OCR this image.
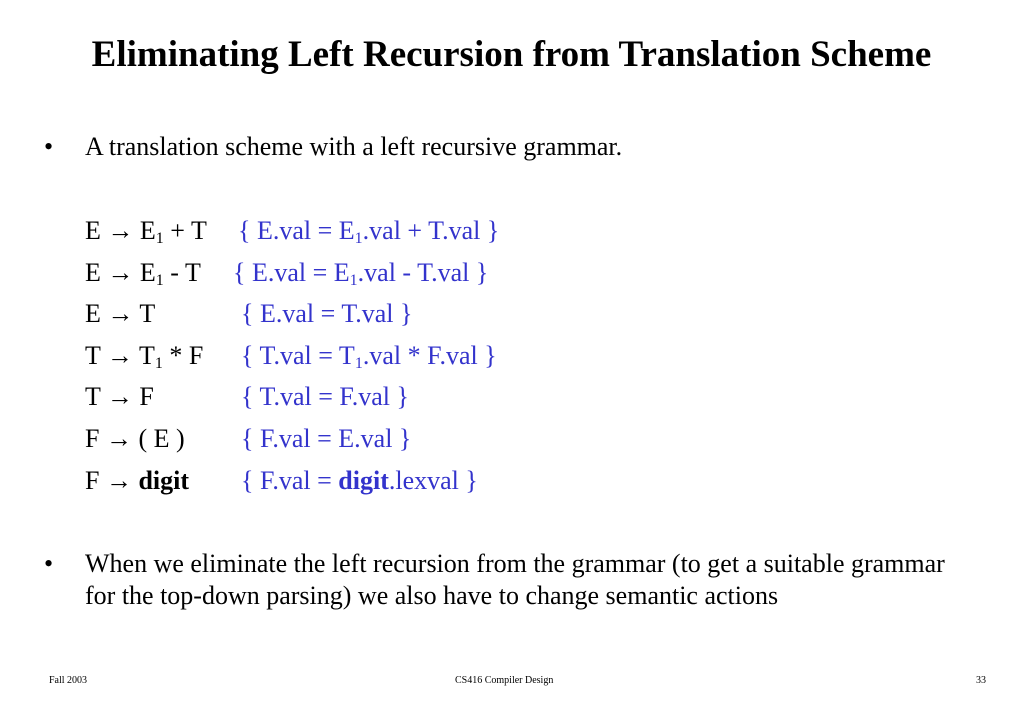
Eliminating Left Recursion from Translation Scheme
• A translation scheme with a left recursive grammar.
$E \to E_1 + T$ { $E.val = E_1.val + T.val$ }
$E \to E_1 - T$ { $E.val = E_1.val - T.val$ }
E → T	{ E.val = T.val }
$T \to T_1 * F$ { $T.val = T_1.val * F.val$ }
T → F	{ T.val = F.val }
F → ( E ) { F.val = E.val }
F → digit { F.val = digit.lexval }
• When we eliminate the left recursion from the grammar (to get a suitable grammar for the top-down parsing) we also have to change semantic actions
Fall 2003	CS416 Compiler Design	33
